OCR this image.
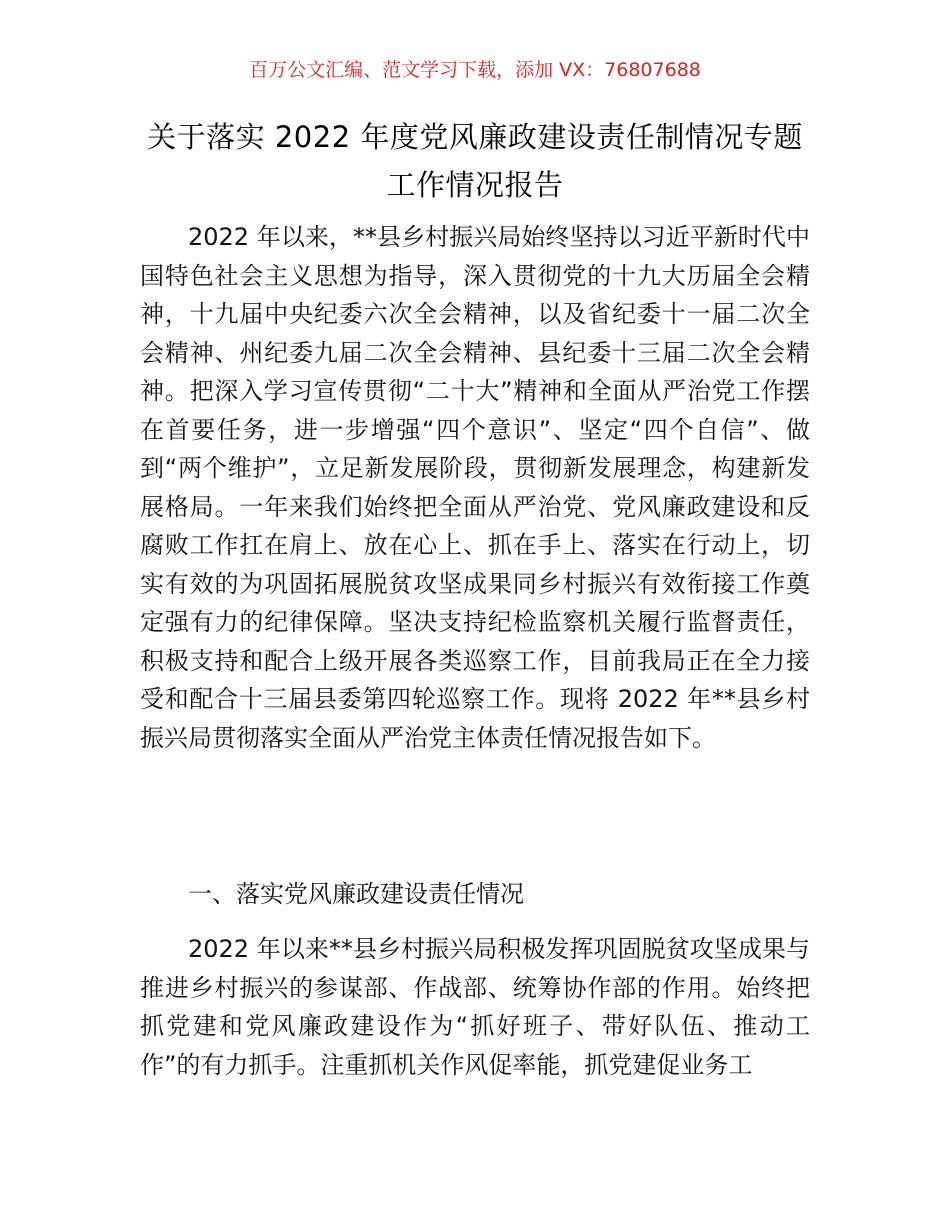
百万公文汇编、范文学习下载，添加 VX：76807688
关于落实 2022 年度党风廉政建设责任制情况专题工作情况报告
2022 年以来，**县乡村振兴局始终坚持以习近平新时代中国特色社会主义思想为指导，深入贯彻党的十九大历届全会精神，十九届中央纪委六次全会精神，以及省纪委十一届二次全会精神、州纪委九届二次全会精神、县纪委十三届二次全会精神。把深入学习宣传贯彻“二十大”精神和全面从严治党工作摆在首要任务，进一步增强“四个意识”、坚定“四个自信”、做到“两个维护”，立足新发展阶段，贯彻新发展理念，构建新发展格局。一年来我们始终把全面从严治党、党风廉政建设和反腐败工作扛在肩上、放在心上、抓在手上、落实在行动上，切实有效的为巩固拓展脱贫攻坚成果同乡村振兴有效衔接工作奠定强有力的纪律保障。坚决支持纪检监察机关履行监督责任，积极支持和配合上级开展各类巡察工作，目前我局正在全力接受和配合十三届县委第四轮巡察工作。现将 2022 年**县乡村振兴局贯彻落实全面从严治党主体责任情况报告如下。
一、落实党风廉政建设责任情况
2022 年以来**县乡村振兴局积极发挥巩固脱贫攻坚成果与推进乡村振兴的参谋部、作战部、统筹协作部的作用。始终把抓党建和党风廉政建设作为“抓好班子、带好队伍、推动工作”的有力抓手。注重抓机关作风促率能，抓党建促业务工
